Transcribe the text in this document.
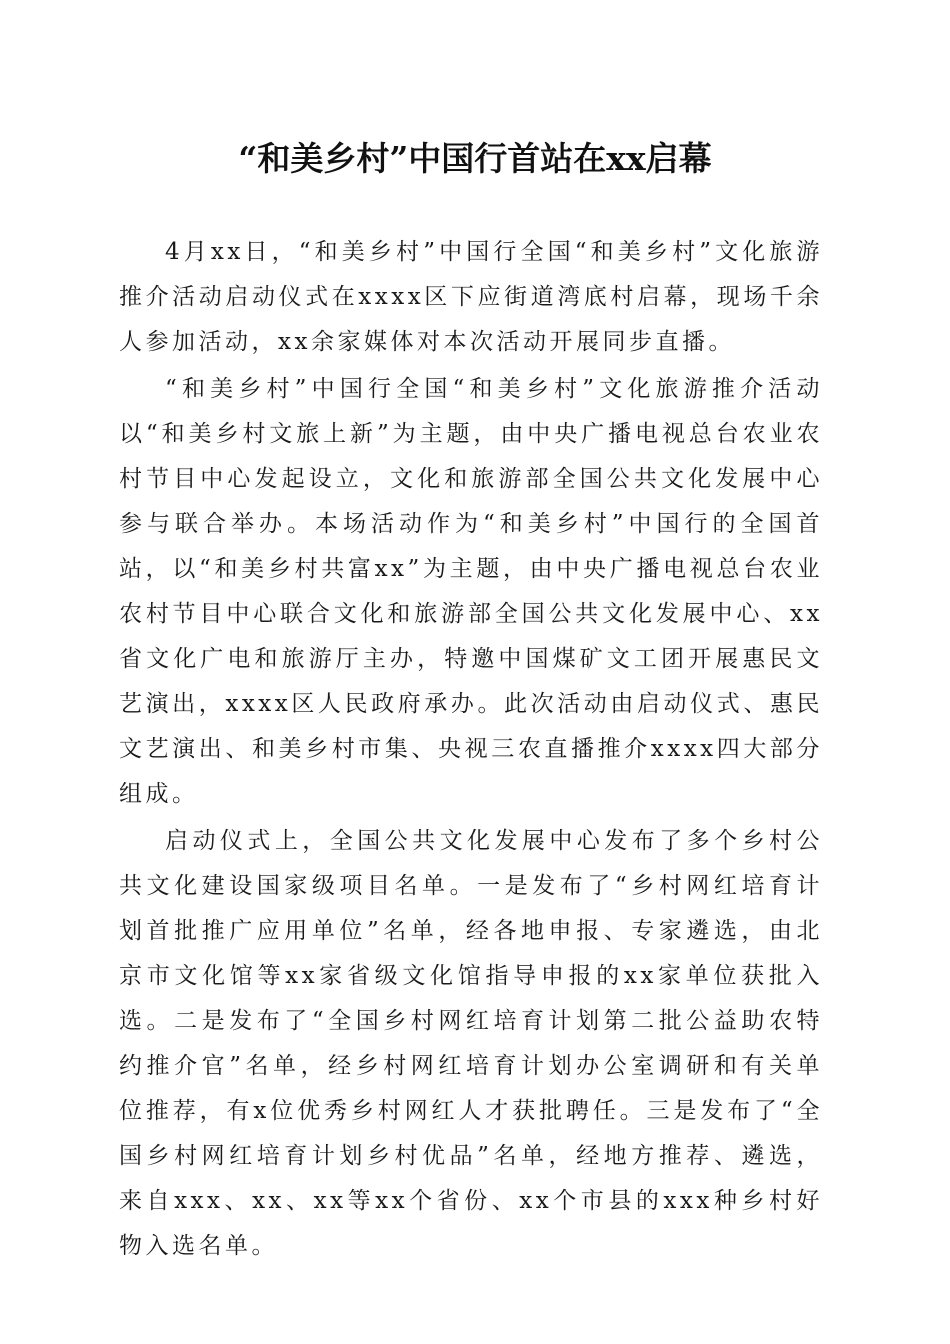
“和美乡村”中国行首站在xx启幕

4月xx日，“和美乡村”中国行全国“和美乡村”文化旅游推介活动启动仪式在xxxx区下应街道湾底村启幕，现场千余人参加活动，xx余家媒体对本次活动开展同步直播。

“和美乡村”中国行全国“和美乡村”文化旅游推介活动以“和美乡村文旅上新”为主题，由中央广播电视总台农业农村节目中心发起设立，文化和旅游部全国公共文化发展中心参与联合举办。本场活动作为“和美乡村”中国行的全国首站，以“和美乡村共富xx”为主题，由中央广播电视总台农业农村节目中心联合文化和旅游部全国公共文化发展中心、xx省文化广电和旅游厅主办，特邀中国煤矿文工团开展惠民文艺演出，xxxx区人民政府承办。此次活动由启动仪式、惠民文艺演出、和美乡村市集、央视三农直播推介xxxx四大部分组成。

启动仪式上，全国公共文化发展中心发布了多个乡村公共文化建设国家级项目名单。一是发布了“乡村网红培育计划首批推广应用单位”名单，经各地申报、专家遴选，由北京市文化馆等xx家省级文化馆指导申报的xx家单位获批入选。二是发布了“全国乡村网红培育计划第二批公益助农特约推介官”名单，经乡村网红培育计划办公室调研和有关单位推荐，有x位优秀乡村网红人才获批聘任。三是发布了“全国乡村网红培育计划乡村优品”名单，经地方推荐、遴选，来自xxx、xx、xx等xx个省份、xx个市县的xxx种乡村好物入选名单。
